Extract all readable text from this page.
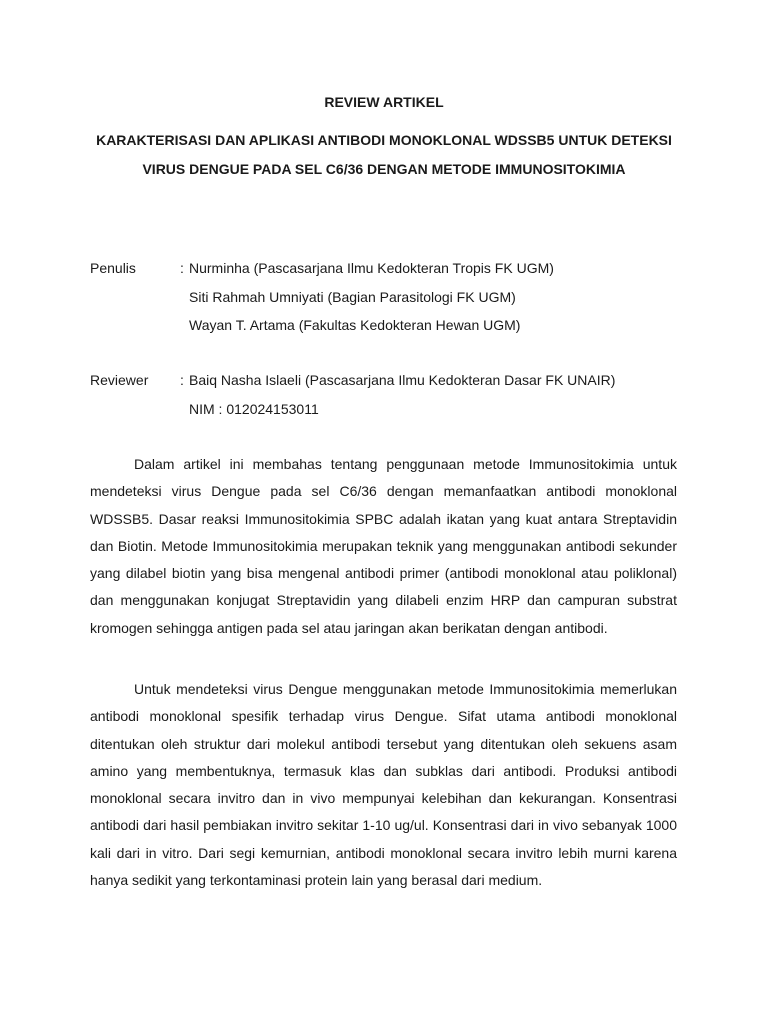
REVIEW ARTIKEL
KARAKTERISASI DAN APLIKASI ANTIBODI MONOKLONAL WDSSB5 UNTUK DETEKSI VIRUS DENGUE PADA SEL C6/36 DENGAN METODE IMMUNOSITOKIMIA
Penulis	: Nurminha (Pascasarjana Ilmu Kedokteran Tropis FK UGM)
Siti Rahmah Umniyati (Bagian Parasitologi FK UGM)
Wayan T. Artama (Fakultas Kedokteran Hewan UGM)
Reviewer	: Baiq Nasha Islaeli (Pascasarjana Ilmu Kedokteran Dasar FK UNAIR)
NIM : 012024153011

Dalam artikel ini membahas tentang penggunaan metode Immunositokimia untuk mendeteksi virus Dengue pada sel C6/36 dengan memanfaatkan antibodi monoklonal WDSSB5. Dasar reaksi Immunositokimia SPBC adalah ikatan yang kuat antara Streptavidin dan Biotin. Metode Immunositokimia merupakan teknik yang menggunakan antibodi sekunder yang dilabel biotin yang bisa mengenal antibodi primer (antibodi monoklonal atau poliklonal) dan menggunakan konjugat Streptavidin yang dilabeli enzim HRP dan campuran substrat kromogen sehingga antigen pada sel atau jaringan akan berikatan dengan antibodi.

Untuk mendeteksi virus Dengue menggunakan metode Immunositokimia memerlukan antibodi monoklonal spesifik terhadap virus Dengue. Sifat utama antibodi monoklonal ditentukan oleh struktur dari molekul antibodi tersebut yang ditentukan oleh sekuens asam amino yang membentuknya, termasuk klas dan subklas dari antibodi. Produksi antibodi monoklonal secara invitro dan in vivo mempunyai kelebihan dan kekurangan. Konsentrasi antibodi dari hasil pembiakan invitro sekitar 1-10 ug/ul. Konsentrasi dari in vivo sebanyak 1000 kali dari in vitro. Dari segi kemurnian, antibodi monoklonal secara invitro lebih murni karena hanya sedikit yang terkontaminasi protein lain yang berasal dari medium.
